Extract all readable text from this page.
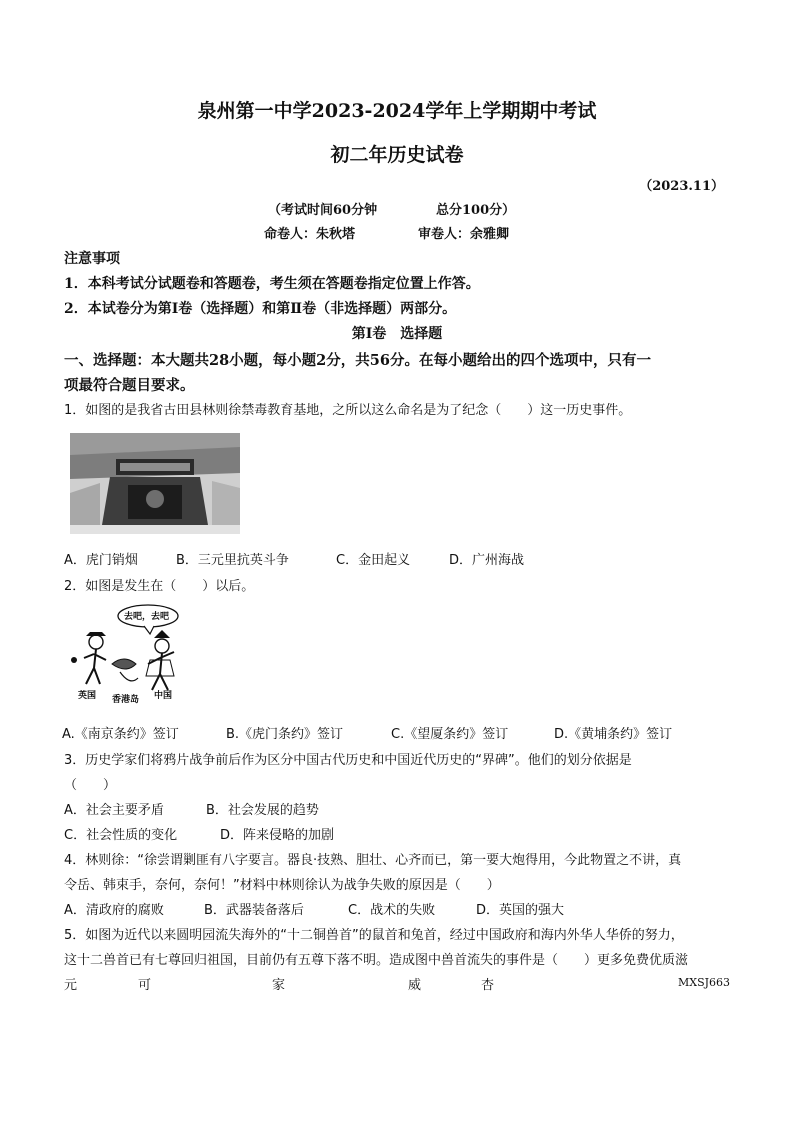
泉州第一中学2023-2024学年上学期期中考试
初二年历史试卷
（2023.11）
（考试时间60分钟	总分100分）
命卷人：朱秋塔	审卷人：余雅卿
注意事项
1．本科考试分试题卷和答题卷，考生须在答题卷指定位置上作答。
2．本试卷分为第Ⅰ卷（选择题）和第Ⅱ卷（非选择题）两部分。
第Ⅰ卷　选择题
一、选择题：本大题共28小题，每小题2分，共56分。在每小题给出的四个选项中，只有一
项最符合题目要求。
1．如图的是我省古田县林则徐禁毒教育基地，之所以这么命名是为了纪念（　　）这一历史事件。
A．虎门销烟	B．三元里抗英斗争	C．金田起义	D．广州海战
2．如图是发生在（　　）以后。
去吧，去吧
英国 香港岛 中国
A.《南京条约》签订	B.《虎门条约》签订	C.《望厦条约》签订	D.《黄埔条约》签订
3．历史学家们将鸦片战争前后作为区分中国古代历史和中国近代历史的“界碑”。他们的划分依据是
（　　）
A．社会主要矛盾	B．社会发展的趋势
C．社会性质的变化	D．阵来侵略的加剧
4．林则徐：“徐尝谓剿匪有八字要言。器良·技熟、胆壮、心齐而已，第一要大炮得用，今此物置之不讲，真
令岳、韩束手，奈何，奈何！”材料中林则徐认为战争失败的原因是（　　）
A．清政府的腐败	B．武器装备落后	C．战术的失败	D．英国的强大
5．如图为近代以来圆明园流失海外的“十二铜兽首”的鼠首和兔首，经过中国政府和海内外华人华侨的努力，
这十二兽首已有七尊回归祖国，目前仍有五尊下落不明。造成图中兽首流失的事件是（　　）更多免费优质滋
元	可	家	威	杏	MXSJ663
